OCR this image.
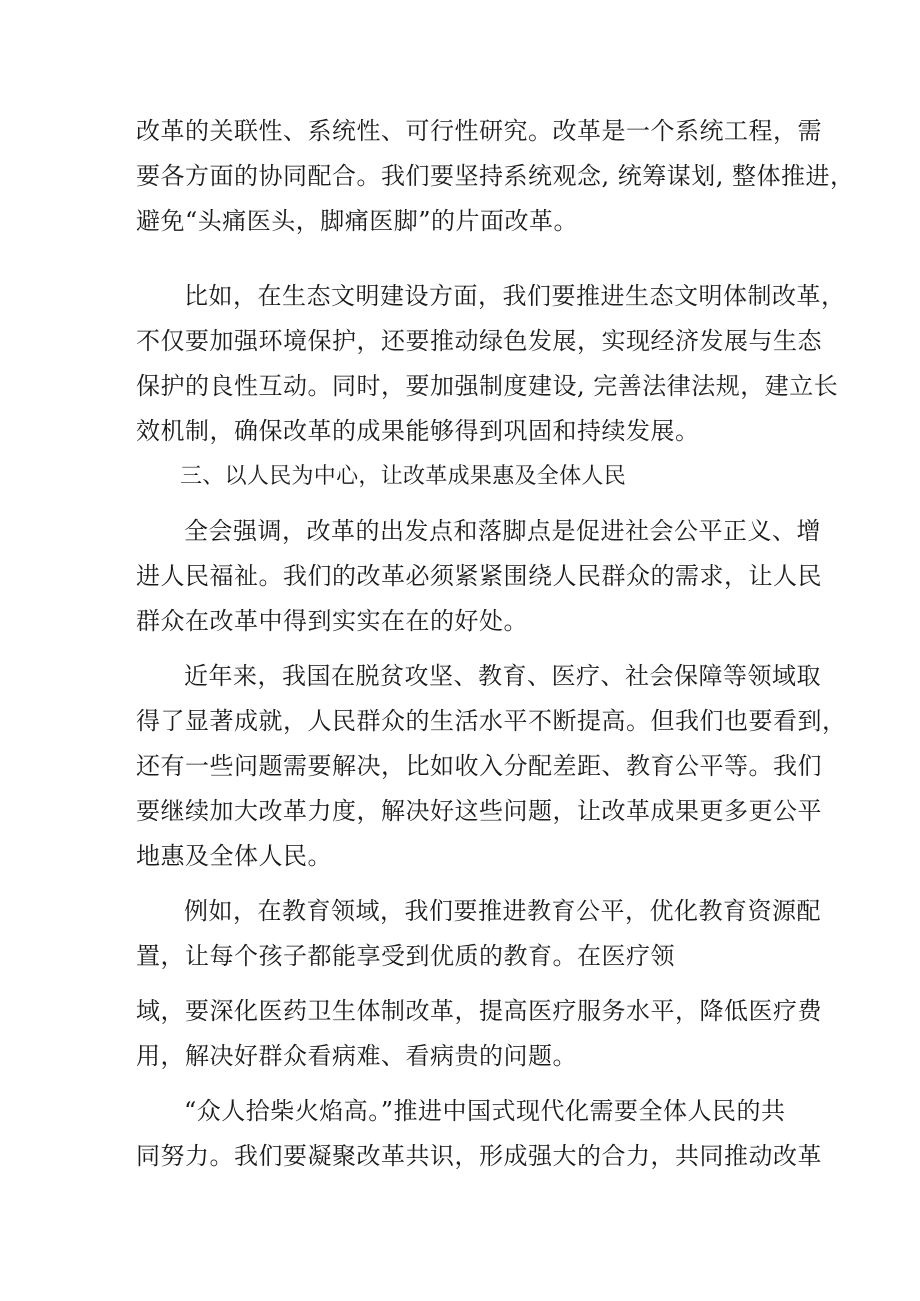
改革的关联性、系统性、可行性研究。改革是一个系统工程，需
要各方面的协同配合。我们要坚持系统观念, 统筹谋划, 整体推进，
避免“头痛医头，脚痛医脚”的片面改革。
比如，在生态文明建设方面，我们要推进生态文明体制改革，
不仅要加强环境保护，还要推动绿色发展，实现经济发展与生态
保护的良性互动。同时，要加强制度建设, 完善法律法规，建立长
效机制，确保改革的成果能够得到巩固和持续发展。
三、以人民为中心，让改革成果惠及全体人民
全会强调，改革的出发点和落脚点是促进社会公平正义、增
进人民福祉。我们的改革必须紧紧围绕人民群众的需求，让人民
群众在改革中得到实实在在的好处。
近年来，我国在脱贫攻坚、教育、医疗、社会保障等领域取
得了显著成就，人民群众的生活水平不断提高。但我们也要看到，
还有一些问题需要解决，比如收入分配差距、教育公平等。我们
要继续加大改革力度，解决好这些问题，让改革成果更多更公平
地惠及全体人民。
例如，在教育领域，我们要推进教育公平，优化教育资源配
置，让每个孩子都能享受到优质的教育。在医疗领
域，要深化医药卫生体制改革，提高医疗服务水平，降低医疗费
用，解决好群众看病难、看病贵的问题。
“众人拾柴火焰高。”推进中国式现代化需要全体人民的共
同努力。我们要凝聚改革共识，形成强大的合力，共同推动改革
